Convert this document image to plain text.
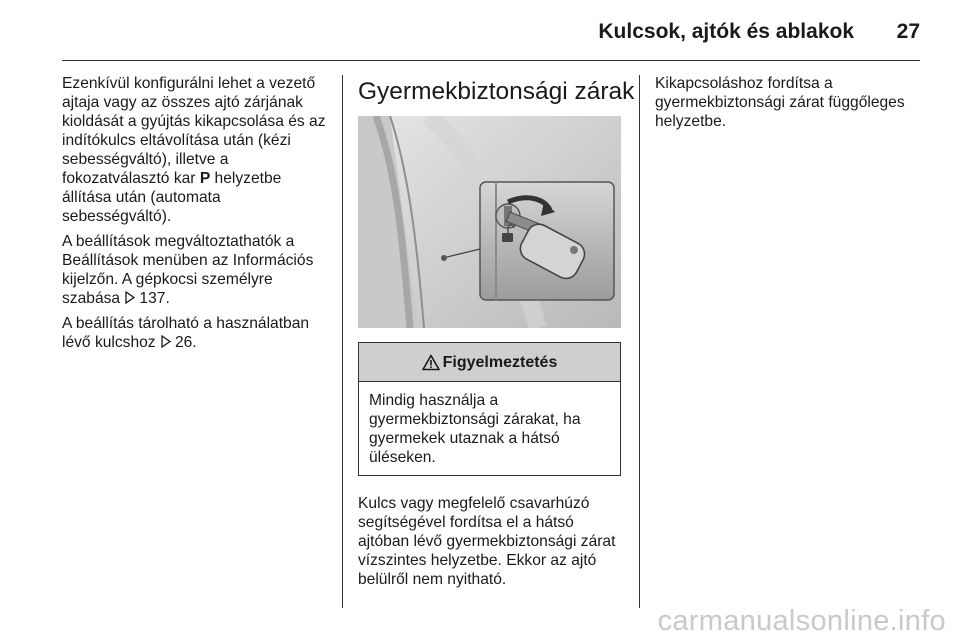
Kulcsok, ajtók és ablakok 27

Ezenkívül konfigurálni lehet a vezető ajtaja vagy az összes ajtó zárjának kioldását a gyújtás kikapcsolása és az indítókulcs eltávolítása után (kézi sebességváltó), illetve a fokozatválasztó kar P helyzetbe állítása után (automata sebességváltó).

A beállítások megváltoztathatók a Beállítások menüben az Információs kijelzőn. A gépkocsi személyre szabása 137.

A beállítás tárolható a használatban lévő kulcshoz 26.

Gyermekbiztonsági zárak
Figyelmeztetés
Mindig használja a gyermekbiztonsági zárakat, ha gyermekek utaznak a hátsó üléseken.

Kulcs vagy megfelelő csavarhúzó segítségével fordítsa el a hátsó ajtóban lévő gyermekbiztonsági zárat vízszintes helyzetbe. Ekkor az ajtó belülről nem nyitható.

Kikapcsoláshoz fordítsa a gyermekbiztonsági zárat függőleges helyzetbe.

carmanualsonline.info
